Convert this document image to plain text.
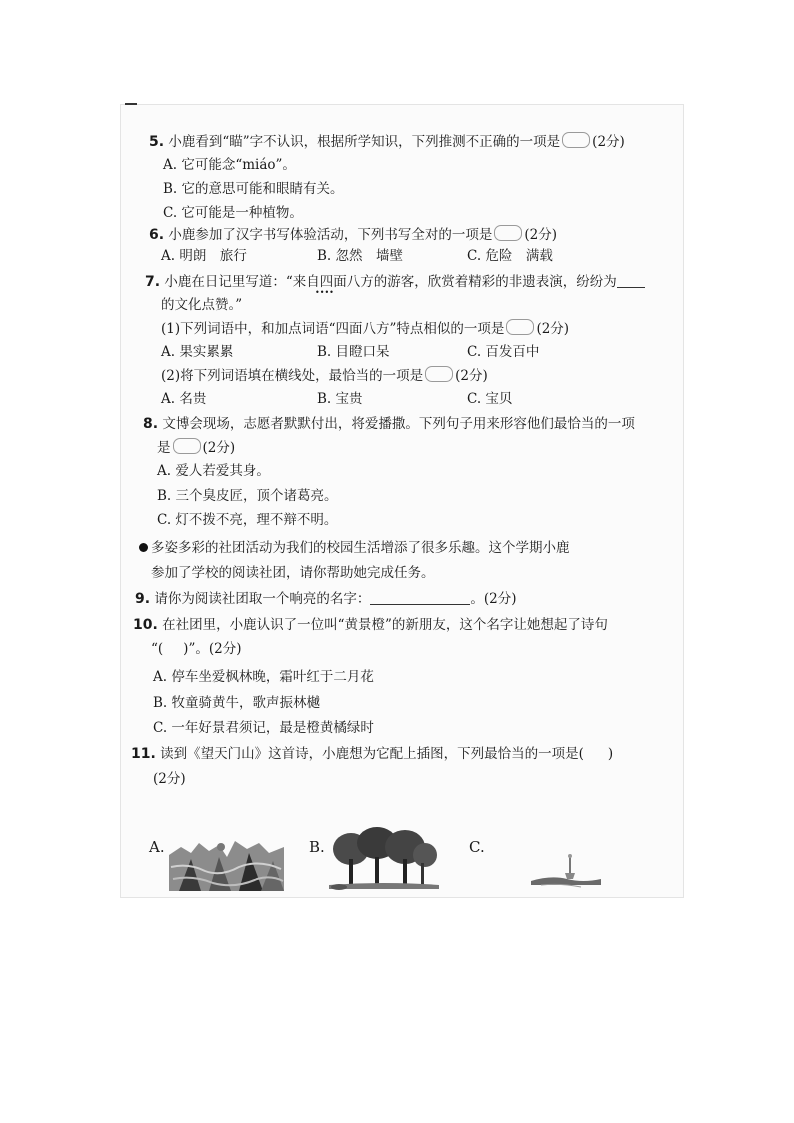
5. 小鹿看到“瞄”字不认识，根据所学知识，下列推测不正确的一项是 (2分)
A. 它可能念“miáo”。
B. 它的意思可能和眼睛有关。
C. 它可能是一种植物。
6. 小鹿参加了汉字书写体验活动，下列书写全对的一项是 (2分)
A. 明朗　旅行	B. 忽然　墙壁	C. 危险　满载
7. 小鹿在日记里写道：“来自四面八方的游客，欣赏着精彩的非遗表演，纷纷为
••••
的文化点赞。”
(1)下列词语中，和加点词语“四面八方”特点相似的一项是 (2分)
A. 果实累累	B. 目瞪口呆	C. 百发百中
(2)将下列词语填在横线处，最恰当的一项是 (2分)
A. 名贵	B. 宝贵	C. 宝贝
8. 文博会现场，志愿者默默付出，将爱播撒。下列句子用来形容他们最恰当的一项
是 (2分)
A. 爱人若爱其身。
B. 三个臭皮匠，顶个诸葛亮。
C. 灯不拨不亮，理不辩不明。
多姿多彩的社团活动为我们的校园生活增添了很多乐趣。这个学期小鹿
参加了学校的阅读社团，请你帮助她完成任务。
9. 请你为阅读社团取一个响亮的名字：	。(2分)
10. 在社团里，小鹿认识了一位叫“黄景橙”的新朋友，这个名字让她想起了诗句
“( )”。(2分)
A. 停车坐爱枫林晚，霜叶红于二月花
B. 牧童骑黄牛，歌声振林樾
C. 一年好景君须记，最是橙黄橘绿时
11. 读到《望天门山》这首诗，小鹿想为它配上插图，下列最恰当的一项是( )
(2分)
A.	B.	C.
